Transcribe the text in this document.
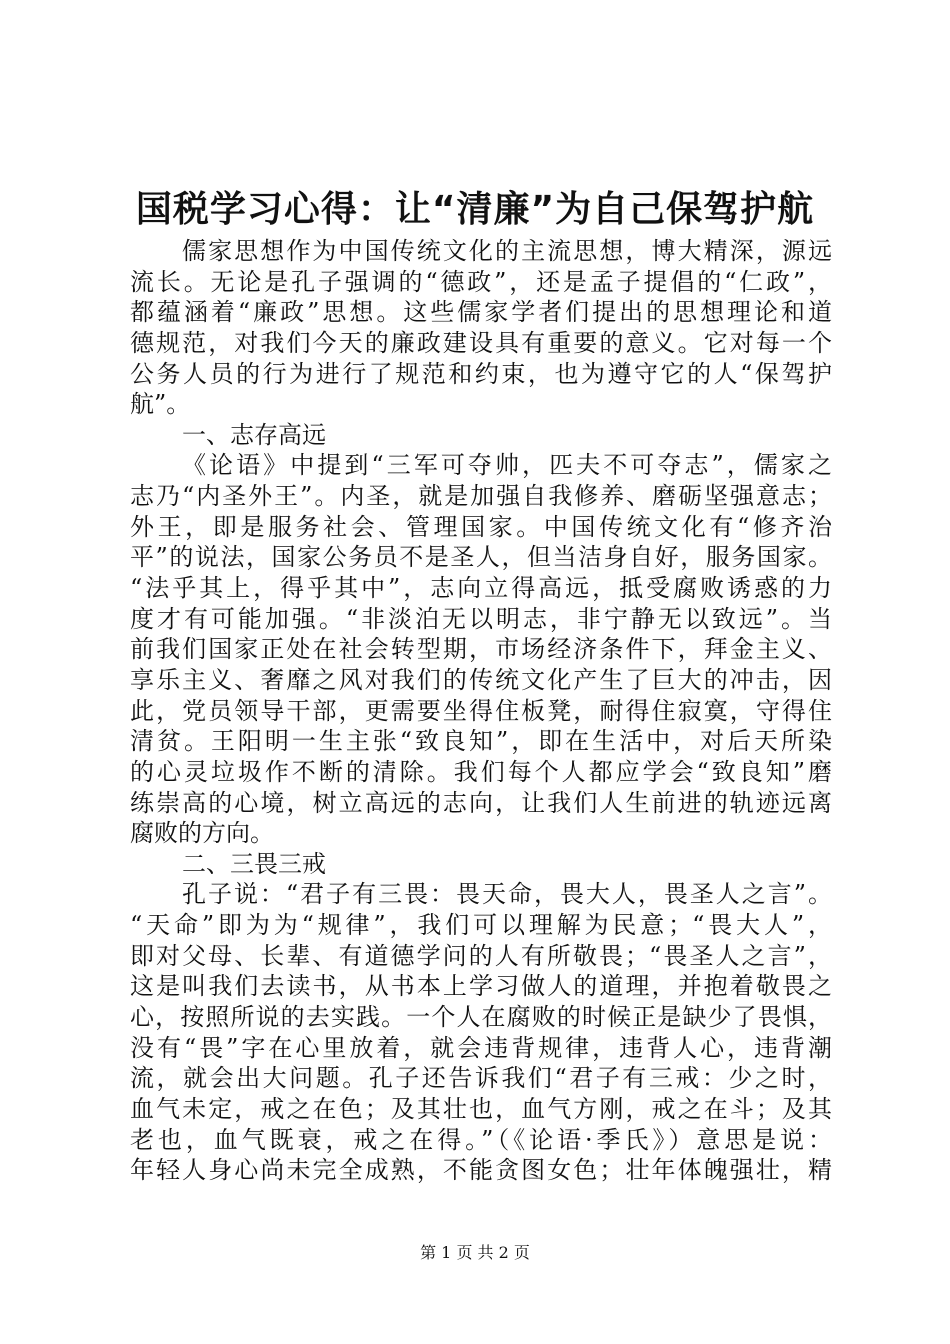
国税学习心得：让“清廉”为自己保驾护航
儒家思想作为中国传统文化的主流思想，博大精深，源远
流长。无论是孔子强调的“德政”，还是孟子提倡的“仁政”，
都蕴涵着“廉政”思想。这些儒家学者们提出的思想理论和道
德规范，对我们今天的廉政建设具有重要的意义。它对每一个
公务人员的行为进行了规范和约束，也为遵守它的人“保驾护
航”。
一、志存高远
《论语》中提到“三军可夺帅，匹夫不可夺志”，儒家之
志乃“内圣外王”。内圣，就是加强自我修养、磨砺坚强意志；
外王，即是服务社会、管理国家。中国传统文化有“修齐治
平”的说法，国家公务员不是圣人，但当洁身自好，服务国家。
“法乎其上，得乎其中”，志向立得高远，抵受腐败诱惑的力
度才有可能加强。“非淡泊无以明志，非宁静无以致远”。当
前我们国家正处在社会转型期，市场经济条件下，拜金主义、
享乐主义、奢靡之风对我们的传统文化产生了巨大的冲击，因
此，党员领导干部，更需要坐得住板凳，耐得住寂寞，守得住
清贫。王阳明一生主张“致良知”，即在生活中，对后天所染
的心灵垃圾作不断的清除。我们每个人都应学会“致良知”磨
练崇高的心境，树立高远的志向，让我们人生前进的轨迹远离
腐败的方向。
二、三畏三戒
孔子说：“君子有三畏：畏天命，畏大人，畏圣人之言”。
“天命”即为为“规律”，我们可以理解为民意；“畏大人”，
即对父母、长辈、有道德学问的人有所敬畏；“畏圣人之言”，
这是叫我们去读书，从书本上学习做人的道理，并抱着敬畏之
心，按照所说的去实践。一个人在腐败的时候正是缺少了畏惧，
没有“畏”字在心里放着，就会违背规律，违背人心，违背潮
流，就会出大问题。孔子还告诉我们“君子有三戒：少之时，
血气未定，戒之在色；及其壮也，血气方刚，戒之在斗；及其
老也，血气既衰，戒之在得。”（《论语·季氏》）意思是说：
年轻人身心尚未完全成熟，不能贪图女色；壮年体魄强壮，精
第 1 页 共 2 页
